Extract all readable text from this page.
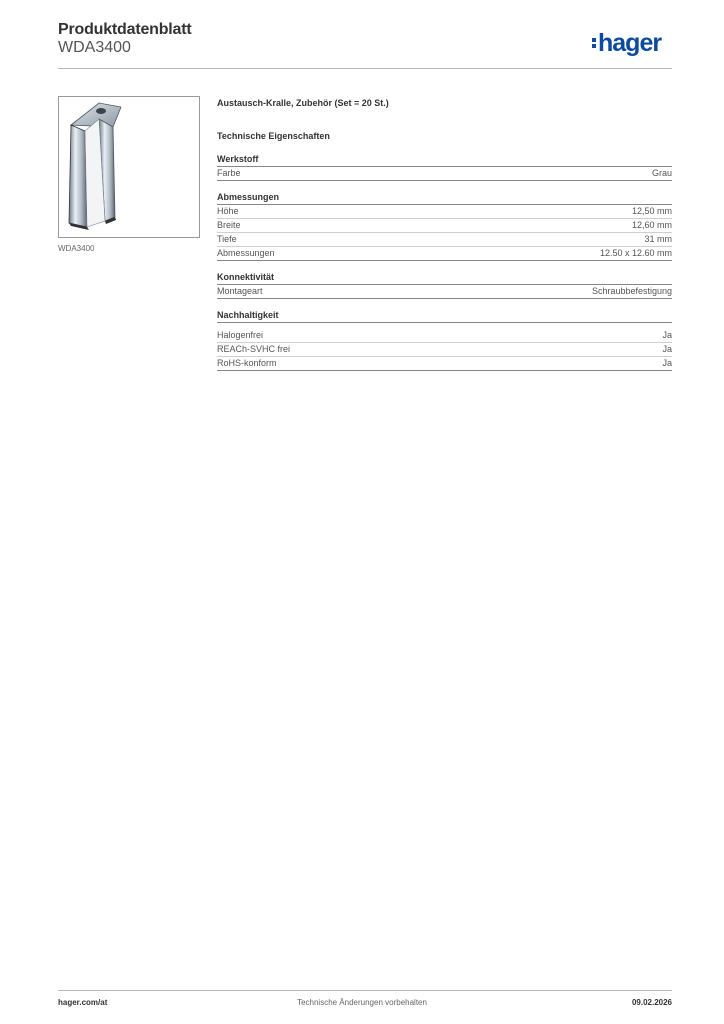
Produktdatenblatt
WDA3400	hager
WDA3400
Austausch-Kralle, Zubehör (Set = 20 St.)
Technische Eigenschaften
Werkstoff
Farbe	Grau
Abmessungen
Höhe	12,50 mm
Breite	12,60 mm
Tiefe	31 mm
Abmessungen	12.50 x 12.60 mm
Konnektivität
Montageart	Schraubbefestigung
Nachhaltigkeit
Halogenfrei	Ja
REACh-SVHC frei	Ja
RoHS-konform	Ja
hager.com/at	Technische Änderungen vorbehalten	09.02.2026
